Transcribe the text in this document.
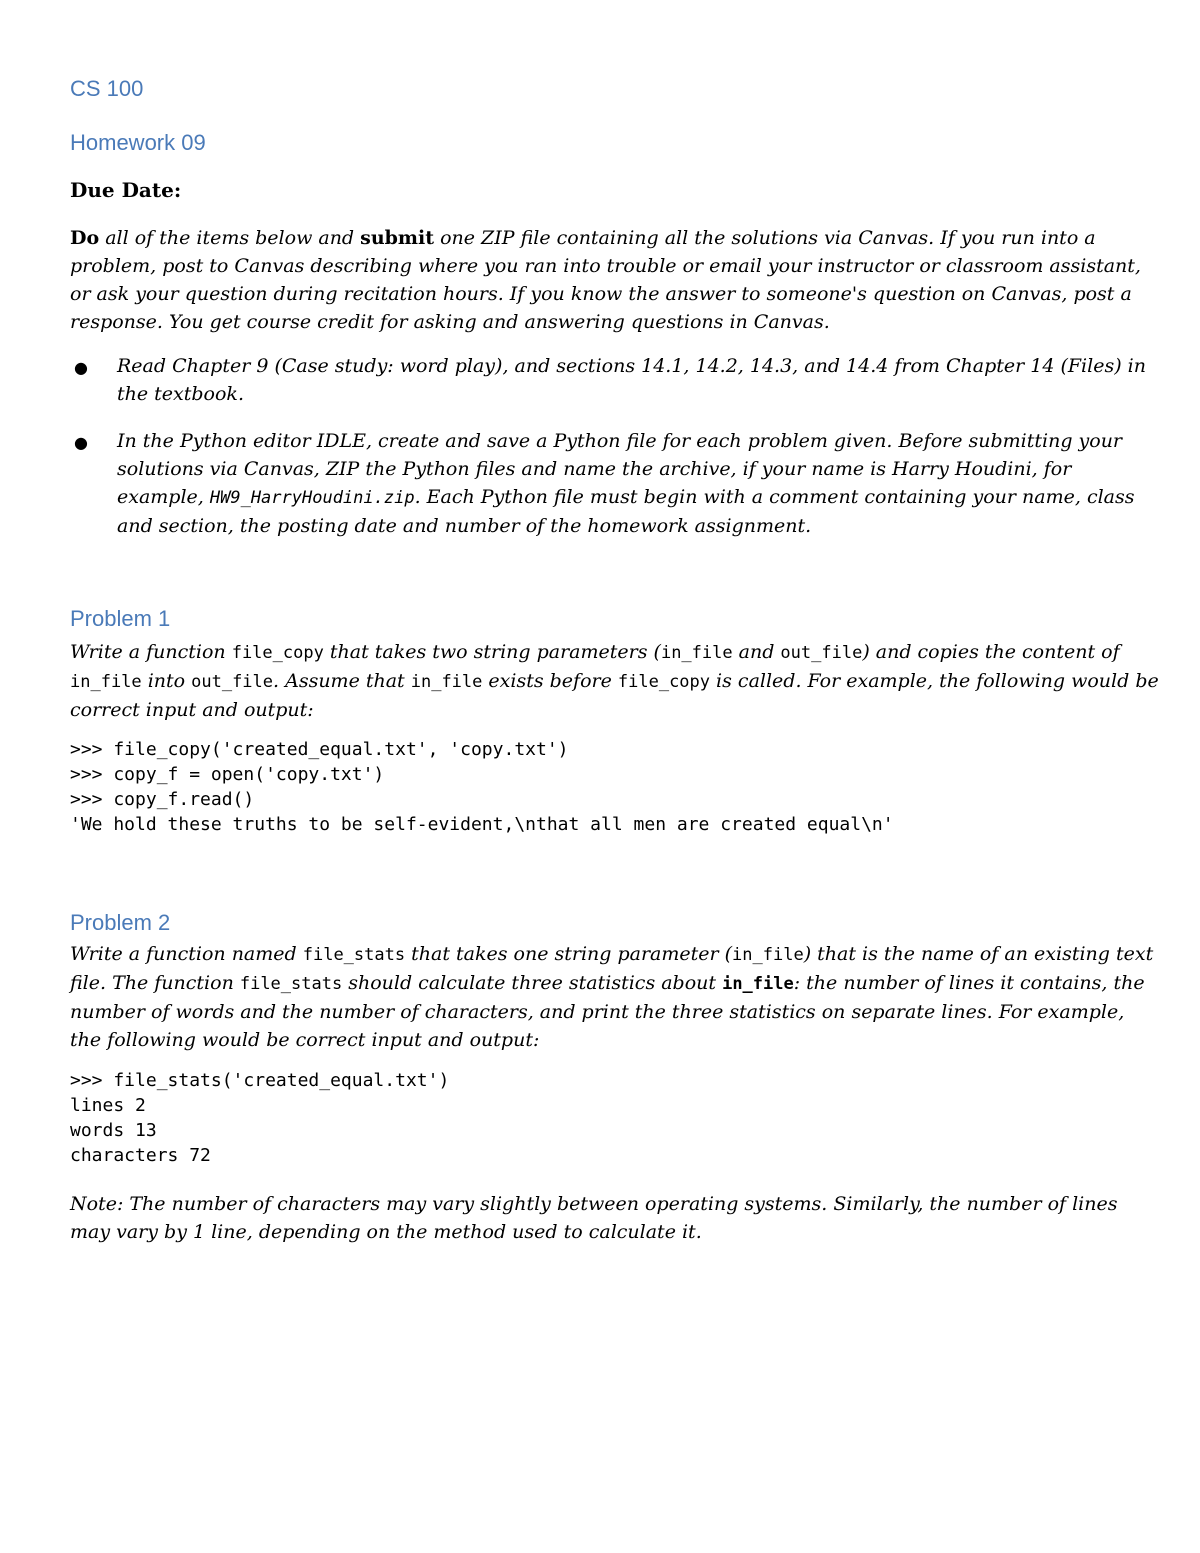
CS 100
Homework 09
Due Date:
Do all of the items below and submit one ZIP file containing all the solutions via Canvas. If you run into a problem, post to Canvas describing where you ran into trouble or email your instructor or classroom assistant, or ask your question during recitation hours. If you know the answer to someone's question on Canvas, post a response. You get course credit for asking and answering questions in Canvas.
● Read Chapter 9 (Case study: word play), and sections 14.1, 14.2, 14.3, and 14.4 from Chapter 14 (Files) in the textbook.
● In the Python editor IDLE, create and save a Python file for each problem given. Before submitting your solutions via Canvas, ZIP the Python files and name the archive, if your name is Harry Houdini, for example, HW9_HarryHoudini.zip. Each Python file must begin with a comment containing your name, class and section, the posting date and number of the homework assignment.
Problem 1
Write a function file_copy that takes two string parameters (in_file and out_file) and copies the content of in_file into out_file. Assume that in_file exists before file_copy is called. For example, the following would be correct input and output:
>>> file_copy('created_equal.txt', 'copy.txt')
>>> copy_f = open('copy.txt')
>>> copy_f.read()
'We hold these truths to be self-evident,\nthat all men are created equal\n'
Problem 2
Write a function named file_stats that takes one string parameter (in_file) that is the name of an existing text file. The function file_stats should calculate three statistics about in_file: the number of lines it contains, the number of words and the number of characters, and print the three statistics on separate lines. For example, the following would be correct input and output:
>>> file_stats('created_equal.txt')
lines 2
words 13
characters 72
Note: The number of characters may vary slightly between operating systems. Similarly, the number of lines may vary by 1 line, depending on the method used to calculate it.
